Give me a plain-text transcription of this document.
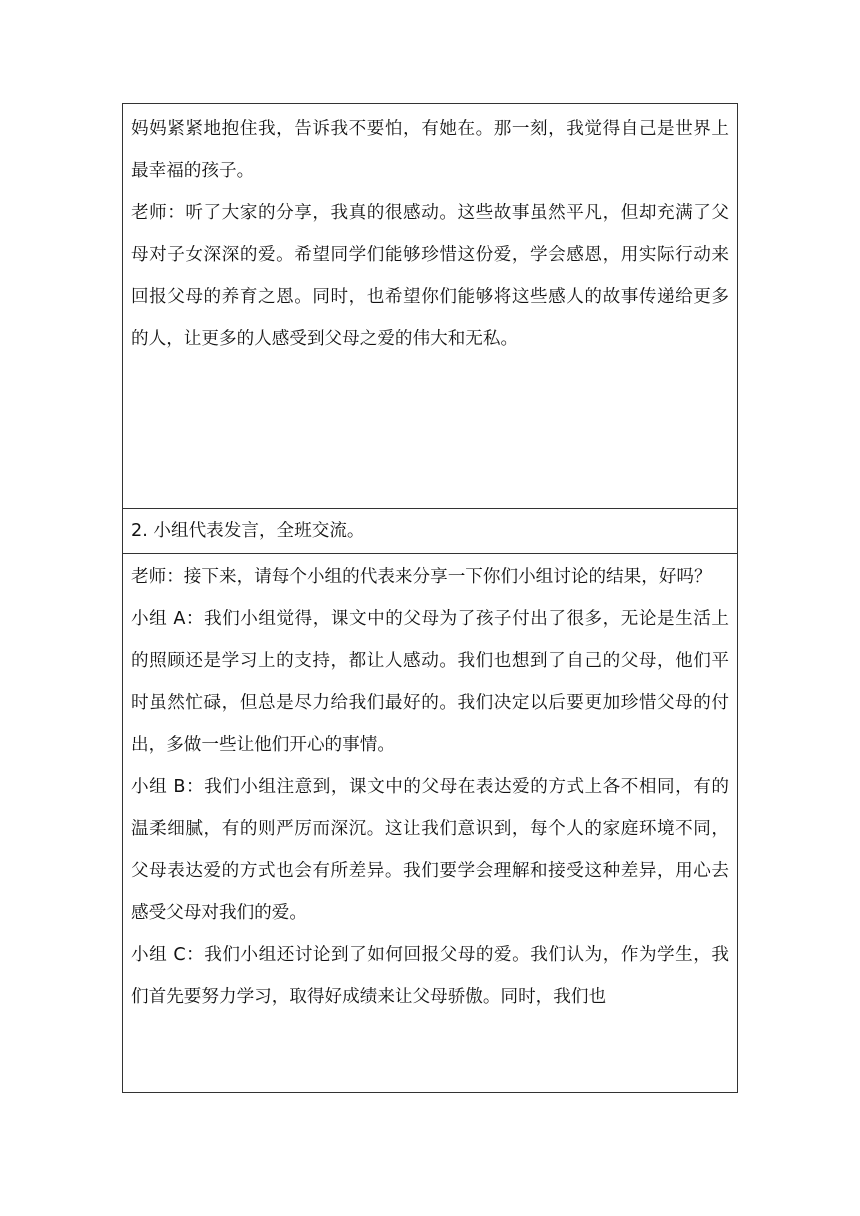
妈妈紧紧地抱住我，告诉我不要怕，有她在。那一刻，我觉得自己是世界上最幸福的孩子。

老师：听了大家的分享，我真的很感动。这些故事虽然平凡，但却充满了父母对子女深深的爱。希望同学们能够珍惜这份爱，学会感恩，用实际行动来回报父母的养育之恩。同时，也希望你们能够将这些感人的故事传递给更多的人，让更多的人感受到父母之爱的伟大和无私。

2. 小组代表发言，全班交流。

老师：接下来，请每个小组的代表来分享一下你们小组讨论的结果，好吗？

小组 A：我们小组觉得，课文中的父母为了孩子付出了很多，无论是生活上的照顾还是学习上的支持，都让人感动。我们也想到了自己的父母，他们平时虽然忙碌，但总是尽力给我们最好的。我们决定以后要更加珍惜父母的付出，多做一些让他们开心的事情。

小组 B：我们小组注意到，课文中的父母在表达爱的方式上各不相同，有的温柔细腻，有的则严厉而深沉。这让我们意识到，每个人的家庭环境不同，父母表达爱的方式也会有所差异。我们要学会理解和接受这种差异，用心去感受父母对我们的爱。

小组 C：我们小组还讨论到了如何回报父母的爱。我们认为，作为学生，我们首先要努力学习，取得好成绩来让父母骄傲。同时，我们也
